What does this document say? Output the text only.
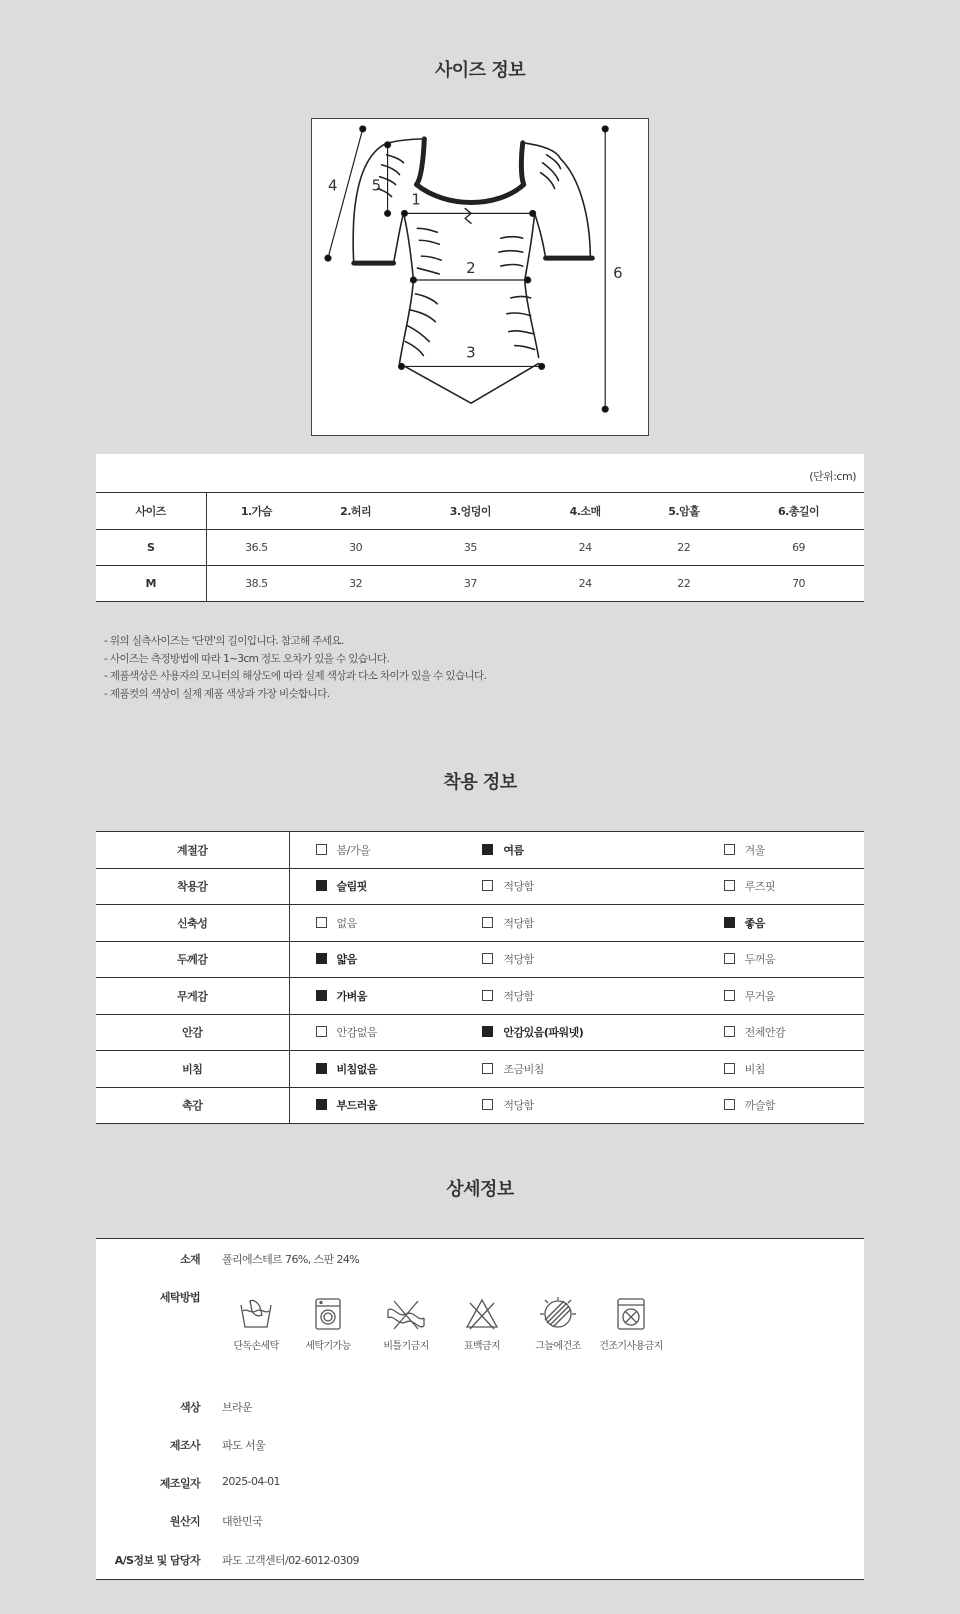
사이즈 정보
1
2
3
4 5
6
(단위:cm)
사이즈	1.가슴	2.허리	3.엉덩이	4.소매	5.암홀	6.총길이
S	36.5	30	35	24	22	69
M	38.5	32	37	24	22	70
- 위의 실측사이즈는 '단면'의 길이입니다. 참고해 주세요.
- 사이즈는 측정방법에 따라 1~3cm 정도 오차가 있을 수 있습니다.
- 제품색상은 사용자의 모니터의 해상도에 따라 실제 색상과 다소 차이가 있을 수 있습니다.
- 제품컷의 색상이 실제 제품 색상과 가장 비슷합니다.
착용 정보
계절감	봄/가을	여름	겨울
착용감	슬림핏	적당함	루즈핏
신축성	없음	적당함	좋음
두께감	얇음	적당함	두꺼움
무게감	가벼움	적당함	무거움
안감	안감없음	안감있음(파워넷)	전체안감
비침	비침없음	조금비침	비침
촉감	부드러움	적당함	까슬함
상세정보
소재 폴리에스테르 76%, 스판 24%
세탁방법
단독손세탁	세탁기가능	비틀기금지	표백금지	그늘에건조	건조기사용금지
색상 브라운
제조사 파도 서울
제조일자 2025-04-01
원산지 대한민국
A/S정보 및 담당자 파도 고객센터/02-6012-0309
